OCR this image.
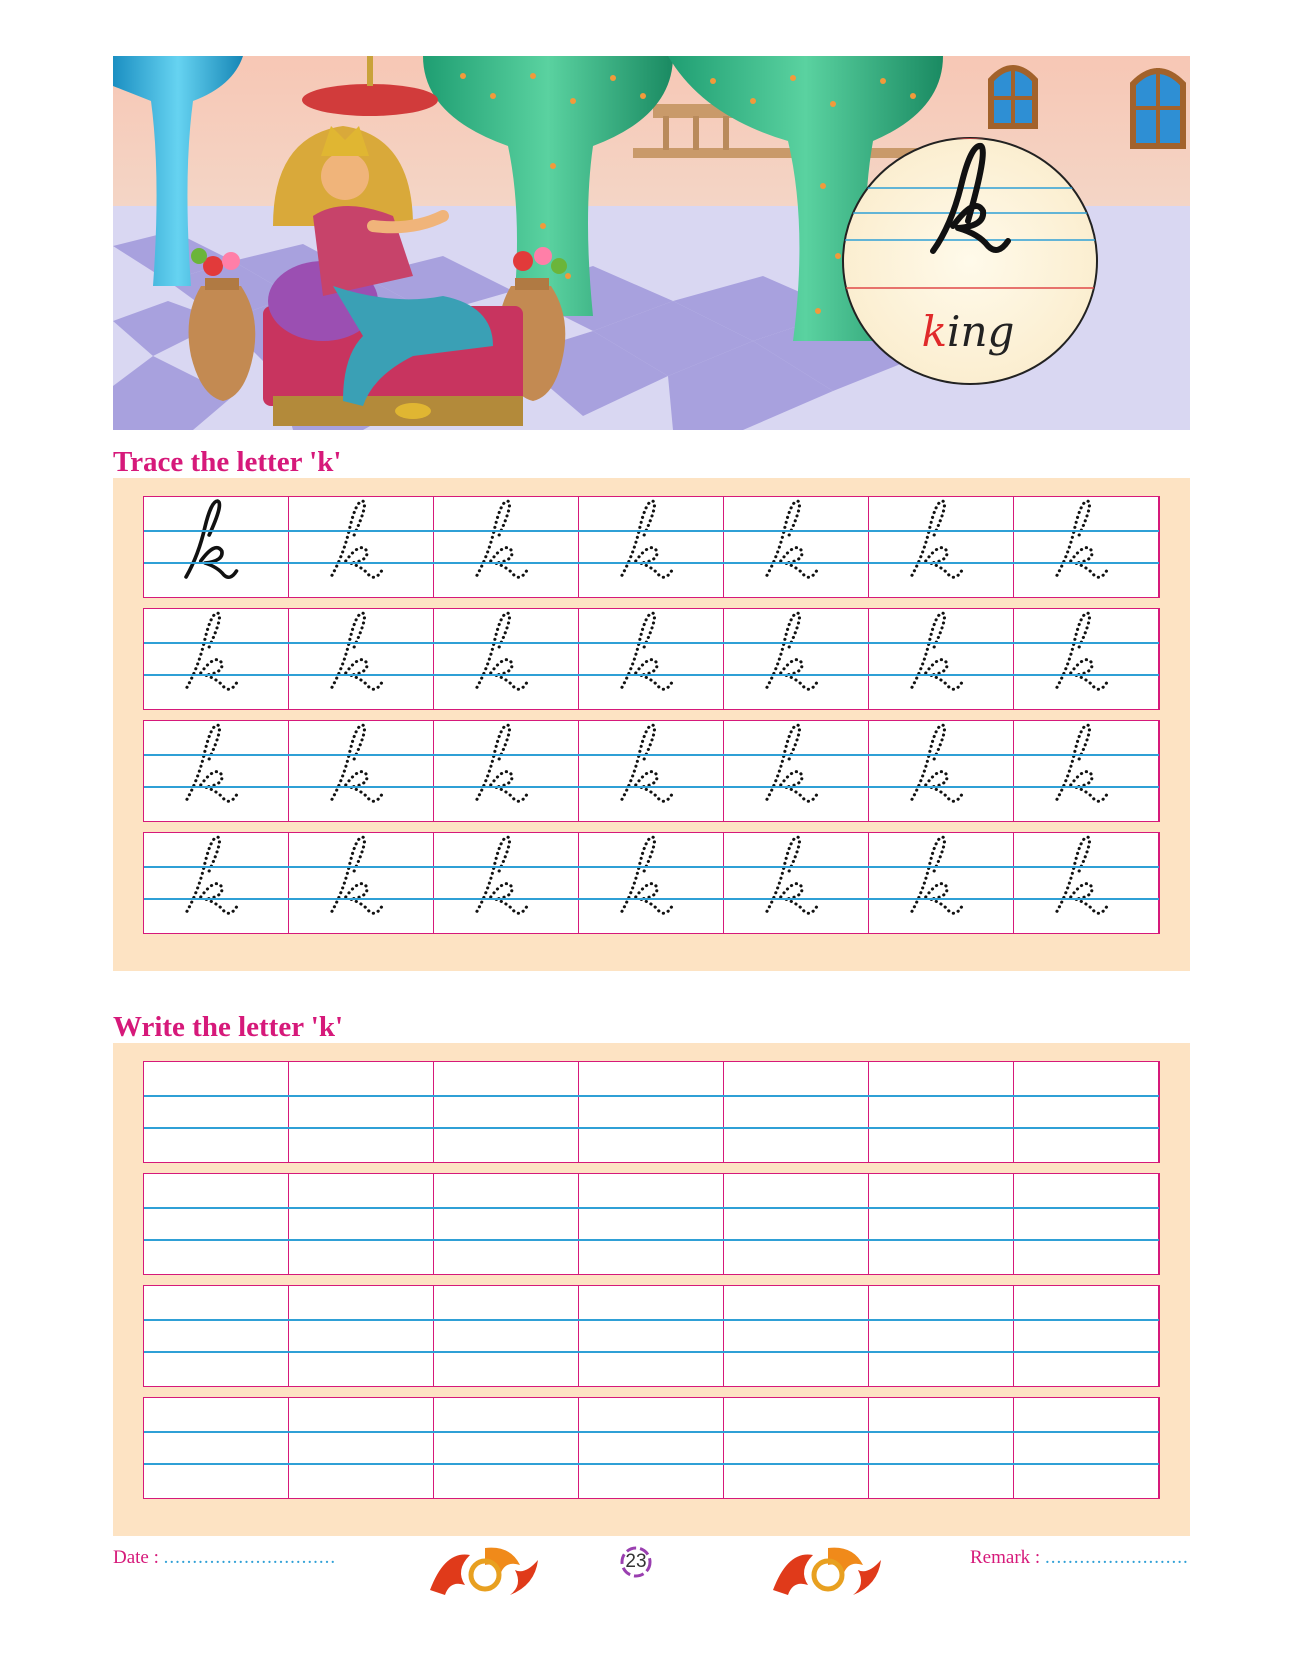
king
Trace the letter 'k'
Write the letter 'k'
Date : ..............................	23	Remark : .........................
